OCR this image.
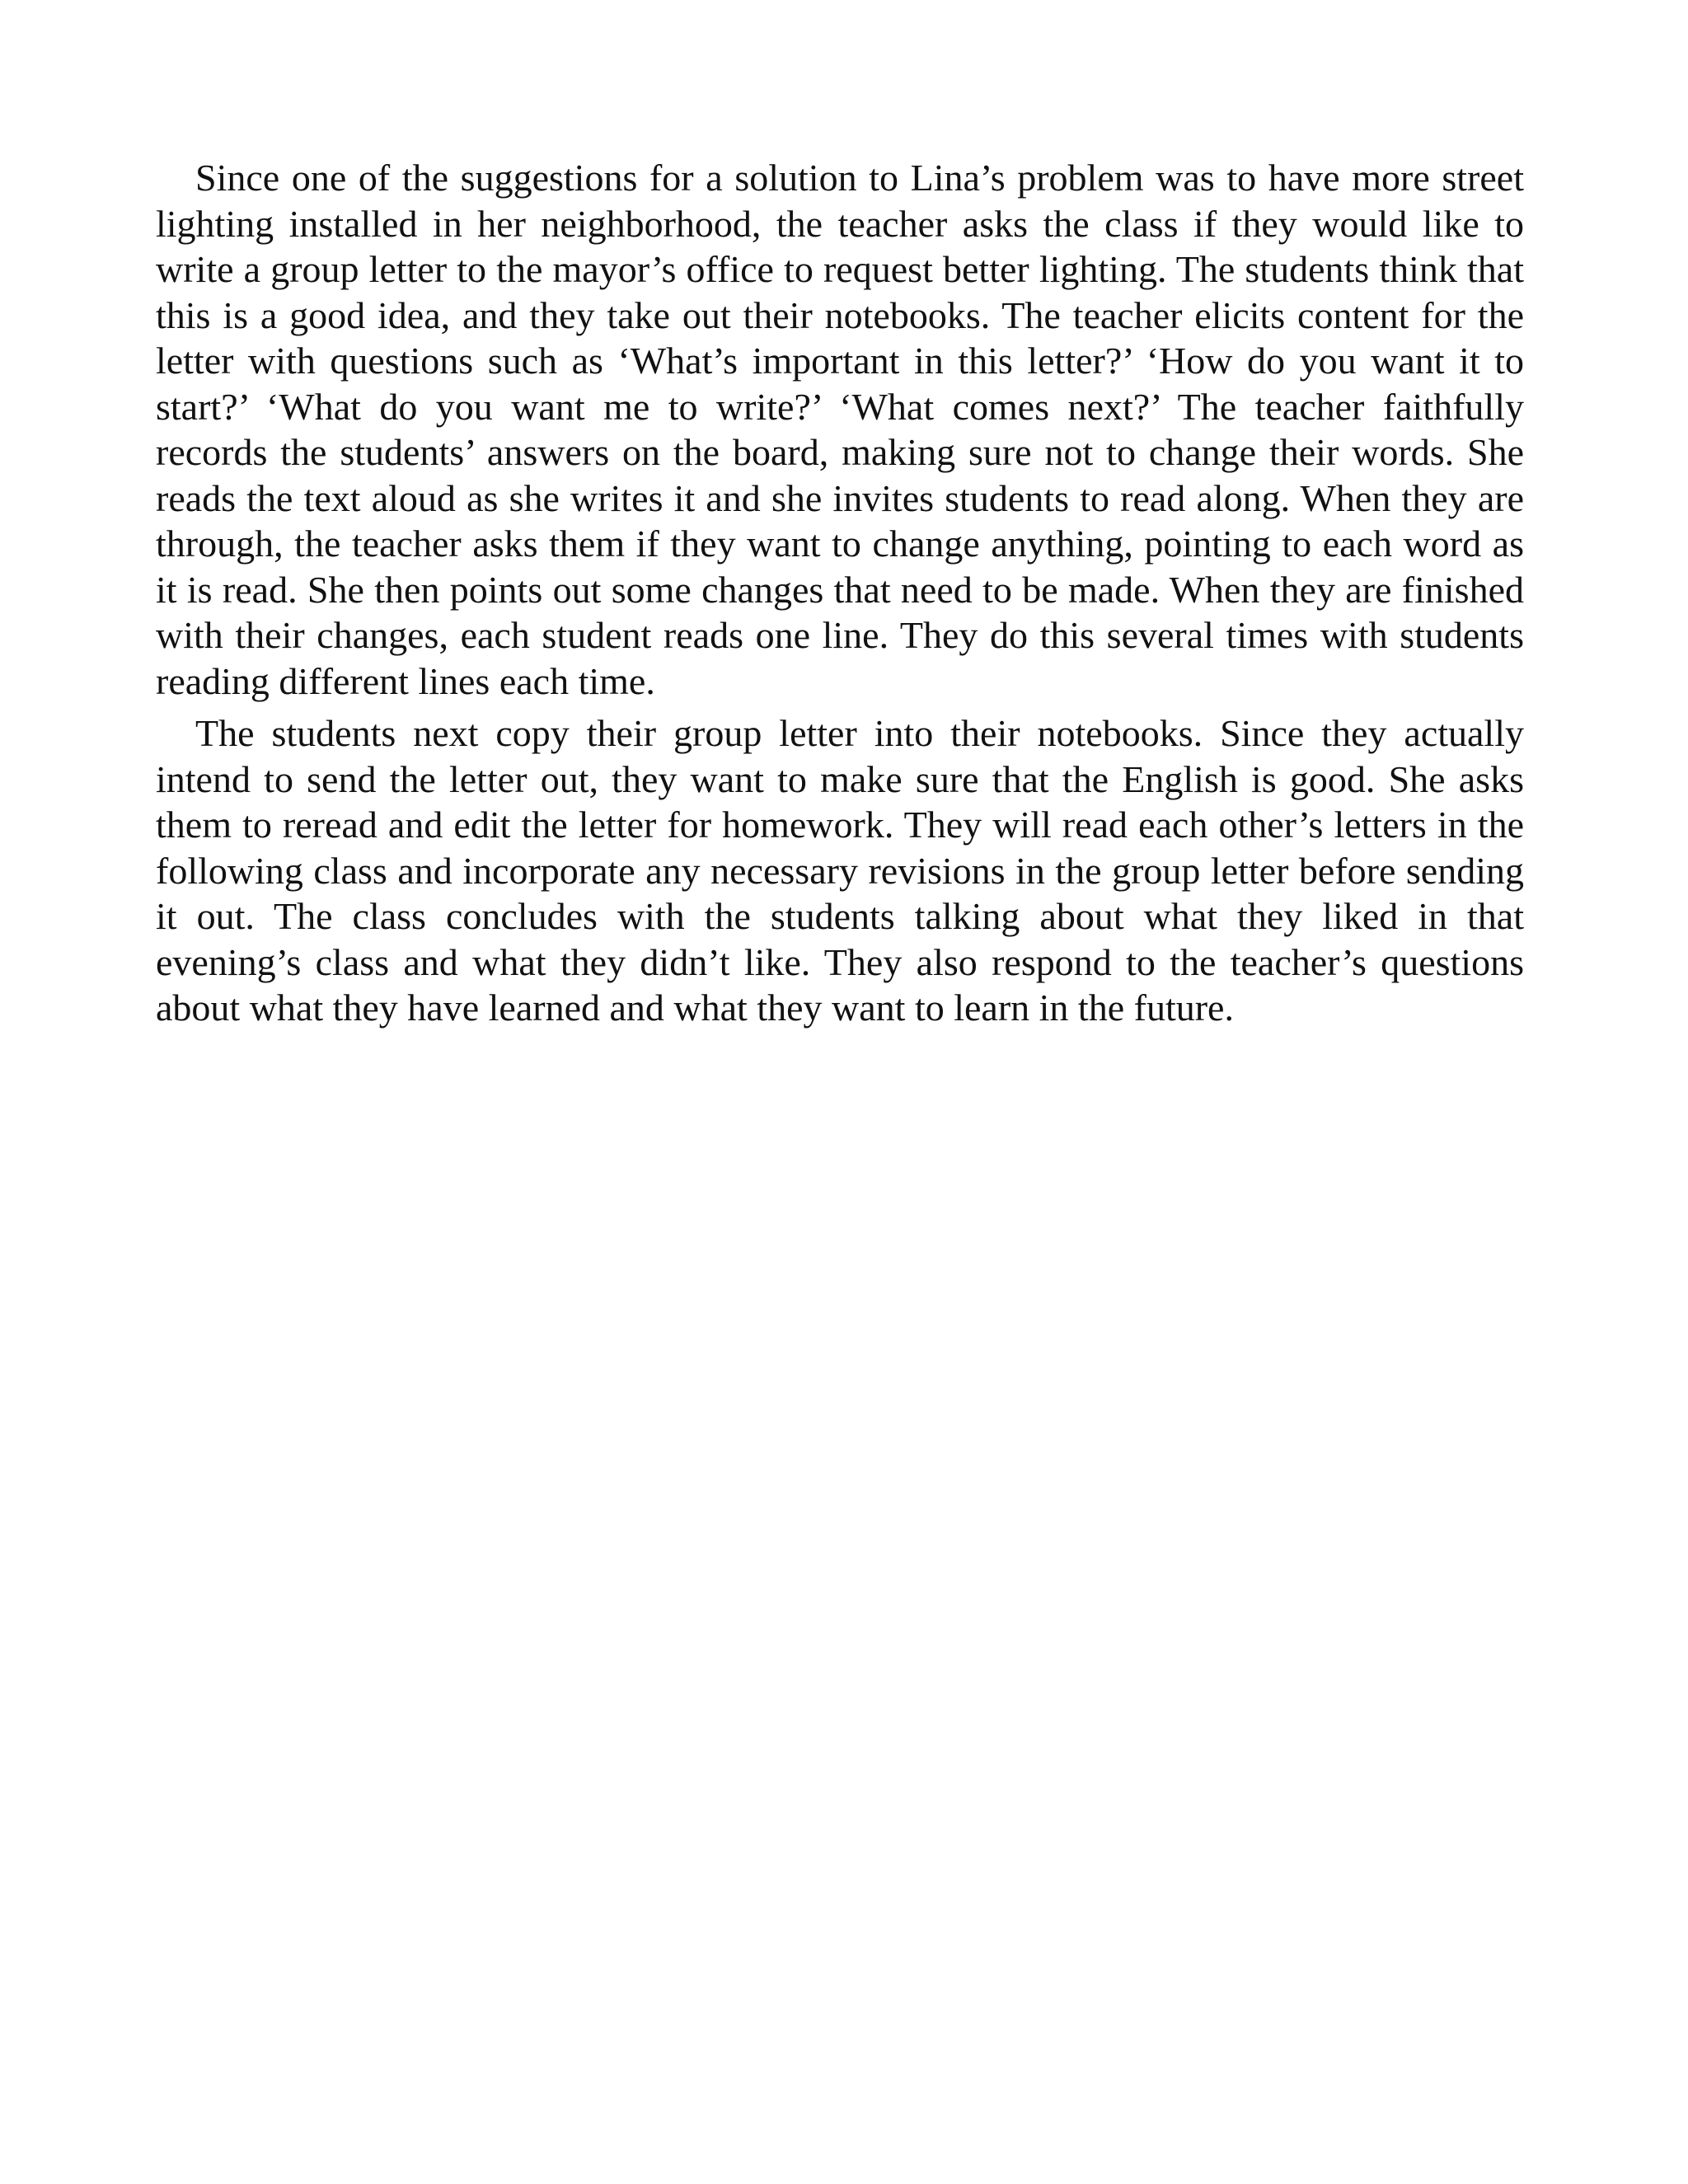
Since one of the suggestions for a solution to Lina’s problem was to have more street lighting installed in her neighborhood, the teacher asks the class if they would like to write a group letter to the mayor’s office to request better lighting. The students think that this is a good idea, and they take out their notebooks. The teacher elicits content for the letter with questions such as ‘What’s important in this letter?’ ‘How do you want it to start?’ ‘What do you want me to write?’ ‘What comes next?’ The teacher faithfully records the students’ answers on the board, making sure not to change their words. She reads the text aloud as she writes it and she invites students to read along. When they are through, the teacher asks them if they want to change anything, pointing to each word as it is read. She then points out some changes that need to be made. When they are finished with their changes, each student reads one line. They do this several times with students reading different lines each time.

The students next copy their group letter into their notebooks. Since they actually intend to send the letter out, they want to make sure that the English is good. She asks them to reread and edit the letter for homework. They will read each other’s letters in the following class and incorporate any necessary revisions in the group letter before sending it out. The class concludes with the students talking about what they liked in that evening’s class and what they didn’t like. They also respond to the teacher’s questions about what they have learned and what they want to learn in the future.
